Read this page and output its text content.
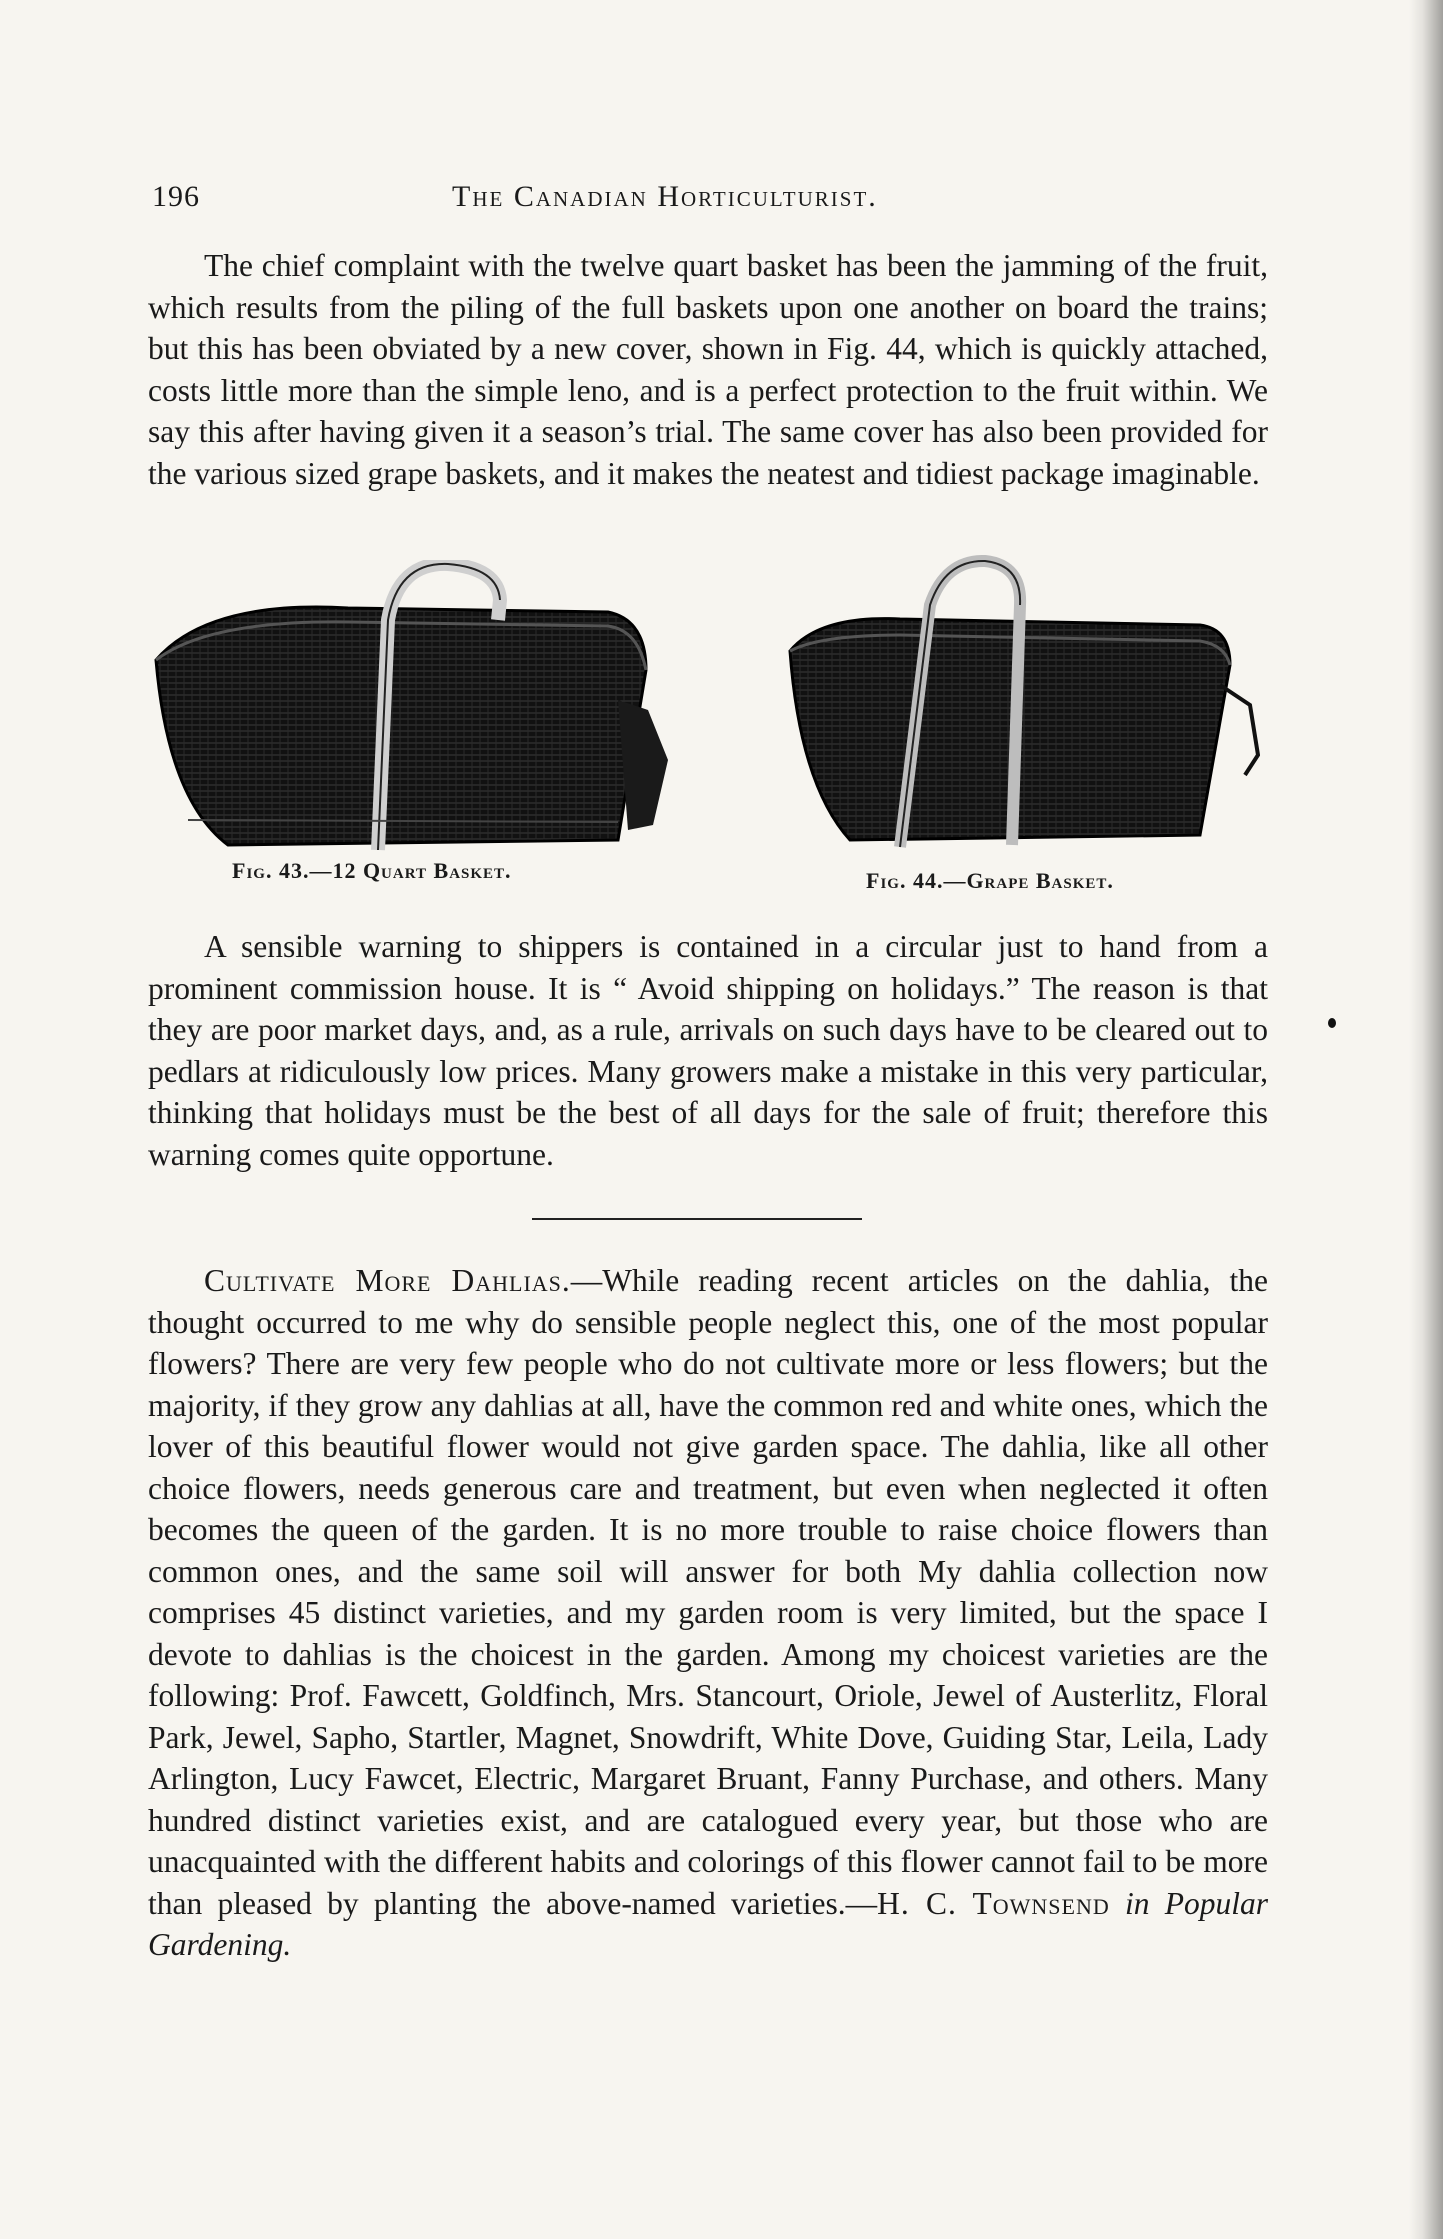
196	The Canadian Horticulturist.

The chief complaint with the twelve quart basket has been the jamming of the fruit, which results from the piling of the full baskets upon one another on board the trains; but this has been obviated by a new cover, shown in Fig. 44, which is quickly attached, costs little more than the simple leno, and is a perfect protection to the fruit within. We say this after having given it a season’s trial. The same cover has also been provided for the various sized grape baskets, and it makes the neatest and tidiest package imaginable.

Fig. 43.—12 Quart Basket.	Fig. 44.—Grape Basket.

A sensible warning to shippers is contained in a circular just to hand from a prominent commission house. It is “ Avoid shipping on holidays.” The reason is that they are poor market days, and, as a rule, arrivals on such days have to be cleared out to pedlars at ridiculously low prices. Many growers make a mistake in this very particular, thinking that holidays must be the best of all days for the sale of fruit; therefore this warning comes quite opportune.

Cultivate More Dahlias.—While reading recent articles on the dahlia, the thought occurred to me why do sensible people neglect this, one of the most popular flowers? There are very few people who do not cultivate more or less flowers; but the majority, if they grow any dahlias at all, have the common red and white ones, which the lover of this beautiful flower would not give garden space. The dahlia, like all other choice flowers, needs generous care and treatment, but even when neglected it often becomes the queen of the garden. It is no more trouble to raise choice flowers than common ones, and the same soil will answer for both My dahlia collection now comprises 45 distinct varieties, and my garden room is very limited, but the space I devote to dahlias is the choicest in the garden. Among my choicest varieties are the following: Prof. Fawcett, Goldfinch, Mrs. Stancourt, Oriole, Jewel of Austerlitz, Floral Park, Jewel, Sapho, Startler, Magnet, Snowdrift, White Dove, Guiding Star, Leila, Lady Arlington, Lucy Fawcet, Electric, Margaret Bruant, Fanny Purchase, and others. Many hundred distinct varieties exist, and are catalogued every year, but those who are unacquainted with the different habits and colorings of this flower cannot fail to be more than pleased by planting the above-named varieties.—H. C. Townsend in Popular Gardening.
